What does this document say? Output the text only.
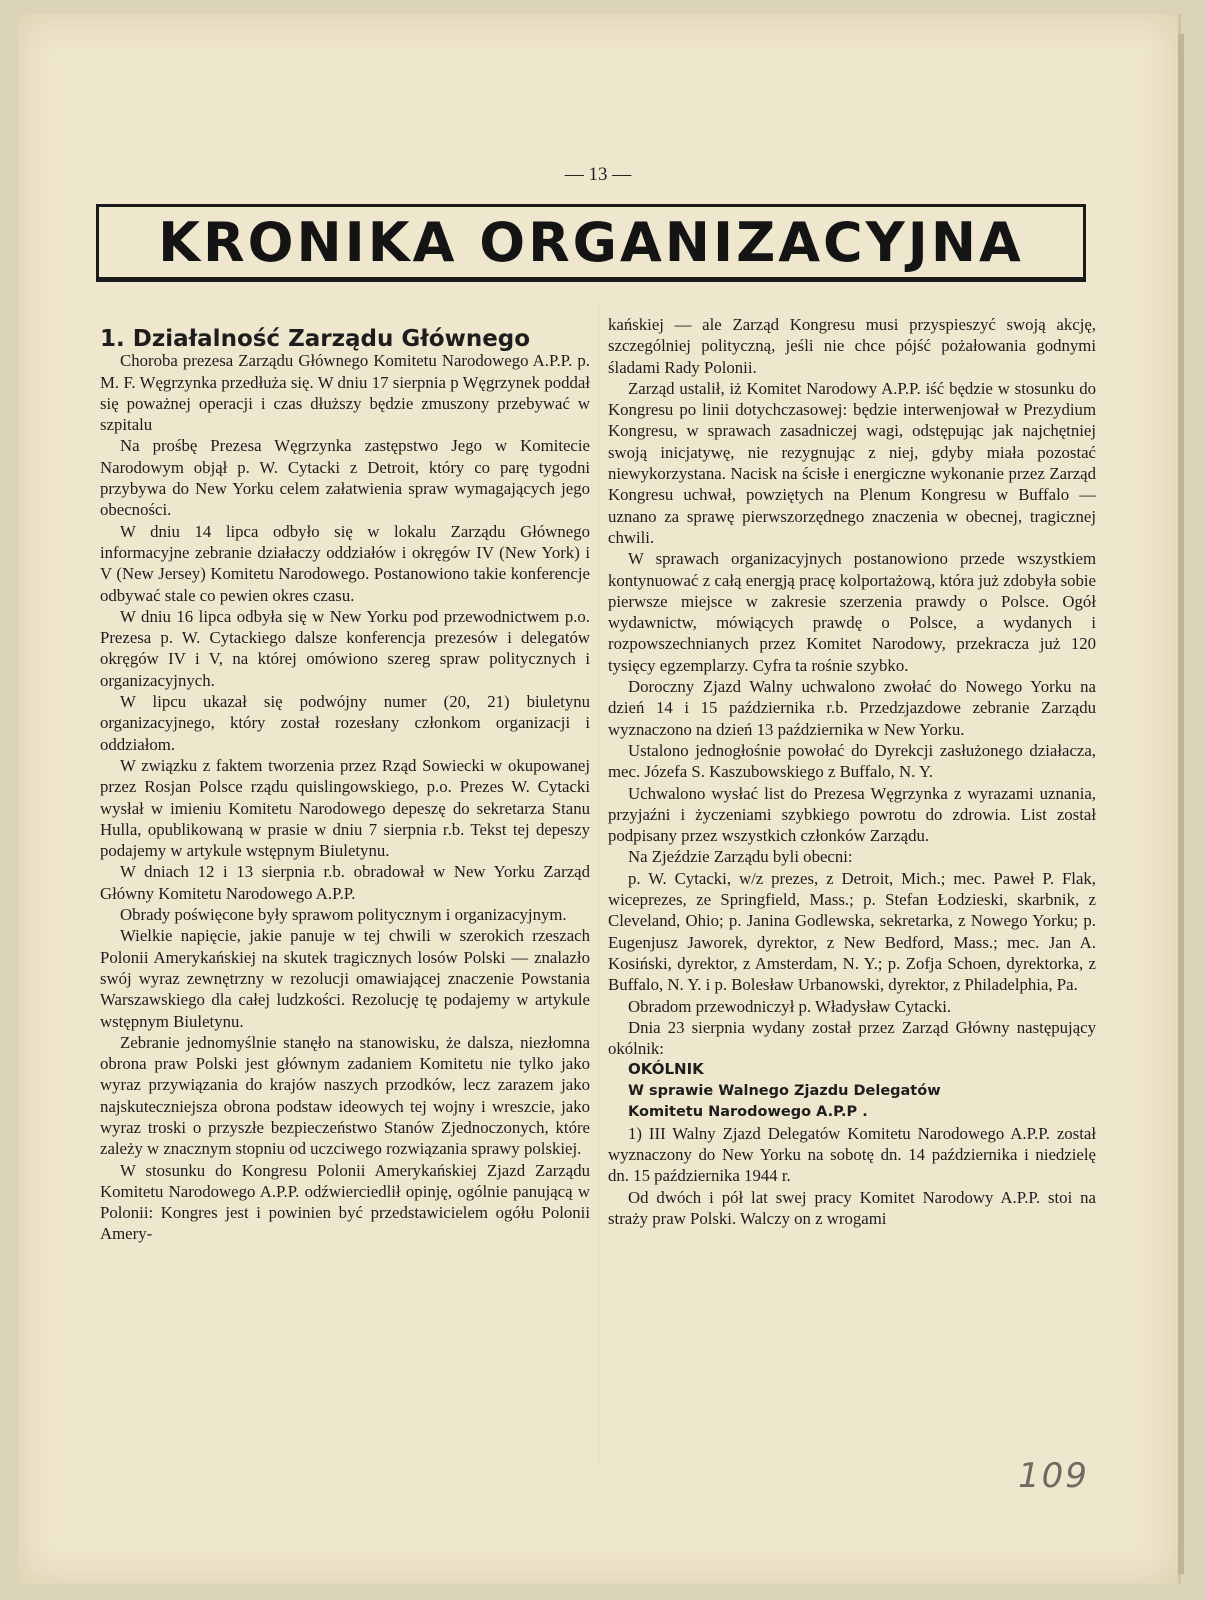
— 13 —
KRONIKA ORGANIZACYJNA

1. Działalność Zarządu Głównego

Choroba prezesa Zarządu Głównego Komitetu Narodowego A.P.P. p. M. F. Węgrzynka przedłuża się. W dniu 17 sierpnia p Węgrzynek poddał się poważnej operacji i czas dłuższy będzie zmuszony przebywać w szpitalu

Na prośbę Prezesa Węgrzynka zastępstwo Jego w Komitecie Narodowym objął p. W. Cytacki z Detroit, który co parę tygodni przybywa do New Yorku celem załatwienia spraw wymagających jego obecności.

W dniu 14 lipca odbyło się w lokalu Zarządu Głównego informacyjne zebranie działaczy oddziałów i okręgów IV (New York) i V (New Jersey) Komitetu Narodowego. Postanowiono takie konferencje odbywać stale co pewien okres czasu.

W dniu 16 lipca odbyła się w New Yorku pod przewodnictwem p.o. Prezesa p. W. Cytackiego dalsze konferencja prezesów i delegatów okręgów IV i V, na której omówiono szereg spraw politycznych i organizacyjnych.

W lipcu ukazał się podwójny numer (20, 21) biuletynu organizacyjnego, który został rozesłany członkom organizacji i oddziałom.

W związku z faktem tworzenia przez Rząd Sowiecki w okupowanej przez Rosjan Polsce rządu quislingowskiego, p.o. Prezes W. Cytacki wysłał w imieniu Komitetu Narodowego depeszę do sekretarza Stanu Hulla, opublikowaną w prasie w dniu 7 sierpnia r.b. Tekst tej depeszy podajemy w artykule wstępnym Biuletynu.

W dniach 12 i 13 sierpnia r.b. obradował w New Yorku Zarząd Główny Komitetu Narodowego A.P.P.

Obrady poświęcone były sprawom politycznym i organizacyjnym.

Wielkie napięcie, jakie panuje w tej chwili w szerokich rzeszach Polonii Amerykańskiej na skutek tragicznych losów Polski — znalazło swój wyraz zewnętrzny w rezolucji omawiającej znaczenie Powstania Warszawskiego dla całej ludzkości. Rezolucję tę podajemy w artykule wstępnym Biuletynu.

Zebranie jednomyślnie stanęło na stanowisku, że dalsza, niezłomna obrona praw Polski jest głównym zadaniem Komitetu nie tylko jako wyraz przywiązania do krajów naszych przodków, lecz zarazem jako najskuteczniejsza obrona podstaw ideowych tej wojny i wreszcie, jako wyraz troski o przyszłe bezpieczeństwo Stanów Zjednoczonych, które zależy w znacznym stopniu od uczciwego rozwiązania sprawy polskiej.

W stosunku do Kongresu Polonii Amerykańskiej Zjazd Zarządu Komitetu Narodowego A.P.P. odźwierciedlił opinję, ogólnie panującą w Polonii: Kongres jest i powinien być przedstawicielem ogółu Polonii Amery-

kańskiej — ale Zarząd Kongresu musi przyspieszyć swoją akcję, szczególniej polityczną, jeśli nie chce pójść pożałowania godnymi śladami Rady Polonii.

Zarząd ustalił, iż Komitet Narodowy A.P.P. iść będzie w stosunku do Kongresu po linii dotychczasowej: będzie interwenjował w Prezydium Kongresu, w sprawach zasadniczej wagi, odstępując jak najchętniej swoją inicjatywę, nie rezygnując z niej, gdyby miała pozostać niewykorzystana. Nacisk na ścisłe i energiczne wykonanie przez Zarząd Kongresu uchwał, powziętych na Plenum Kongresu w Buffalo — uznano za sprawę pierwszorzędnego znaczenia w obecnej, tragicznej chwili.

W sprawach organizacyjnych postanowiono przede wszystkiem kontynuować z całą energją pracę kolportażową, która już zdobyła sobie pierwsze miejsce w zakresie szerzenia prawdy o Polsce. Ogół wydawnictw, mówiących prawdę o Polsce, a wydanych i rozpowszechnianych przez Komitet Narodowy, przekracza już 120 tysięcy egzemplarzy. Cyfra ta rośnie szybko.

Doroczny Zjazd Walny uchwalono zwołać do Nowego Yorku na dzień 14 i 15 października r.b. Przedzjazdowe zebranie Zarządu wyznaczono na dzień 13 października w New Yorku.

Ustalono jednogłośnie powołać do Dyrekcji zasłużonego działacza, mec. Józefa S. Kaszubowskiego z Buffalo, N. Y.

Uchwalono wysłać list do Prezesa Węgrzynka z wyrazami uznania, przyjaźni i życzeniami szybkiego powrotu do zdrowia. List został podpisany przez wszystkich członków Zarządu.

Na Zjeździe Zarządu byli obecni:

p. W. Cytacki, w/z prezes, z Detroit, Mich.; mec. Paweł P. Flak, wiceprezes, ze Springfield, Mass.; p. Stefan Łodzieski, skarbnik, z Cleveland, Ohio; p. Janina Godlewska, sekretarka, z Nowego Yorku; p. Eugenjusz Jaworek, dyrektor, z New Bedford, Mass.; mec. Jan A. Kosiński, dyrektor, z Amsterdam, N. Y.; p. Zofja Schoen, dyrektorka, z Buffalo, N. Y. i p. Bolesław Urbanowski, dyrektor, z Philadelphia, Pa.

Obradom przewodniczył p. Władysław Cytacki.

Dnia 23 sierpnia wydany został przez Zarząd Główny następujący okólnik:

OKÓLNIK

W sprawie Walnego Zjazdu Delegatów

Komitetu Narodowego A.P.P .

1) III Walny Zjazd Delegatów Komitetu Narodowego A.P.P. został wyznaczony do New Yorku na sobotę dn. 14 października i niedzielę dn. 15 października 1944 r.

Od dwóch i pół lat swej pracy Komitet Narodowy A.P.P. stoi na straży praw Polski. Walczy on z wrogami

109
